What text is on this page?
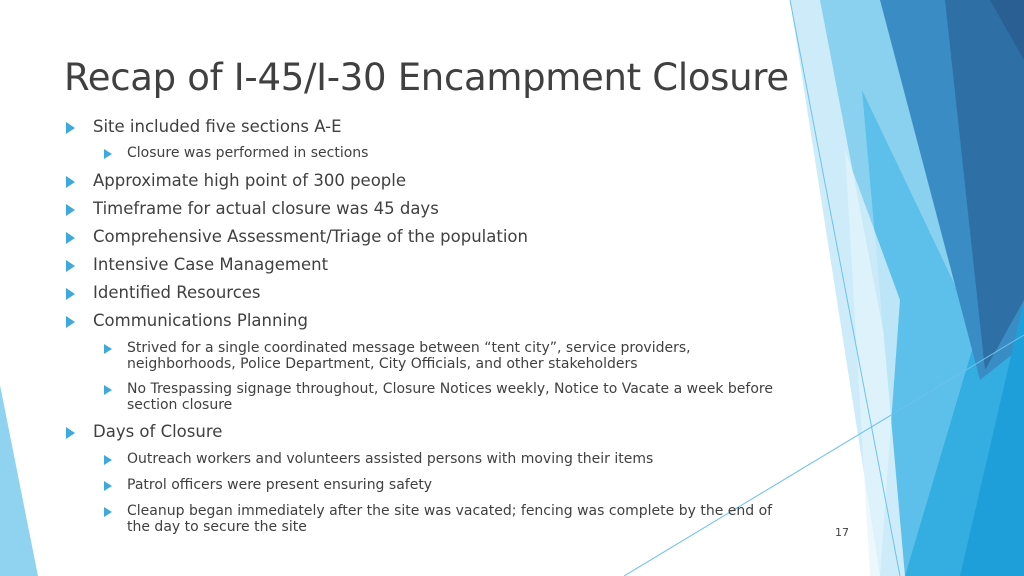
Recap of I-45/I-30 Encampment Closure
Site included five sections A-E
Closure was performed in sections
Approximate high point of 300 people
Timeframe for actual closure was 45 days
Comprehensive Assessment/Triage of the population
Intensive Case Management
Identified Resources
Communications Planning
Strived for a single coordinated message between “tent city”, service providers, neighborhoods, Police Department, City Officials, and other stakeholders
No Trespassing signage throughout, Closure Notices weekly, Notice to Vacate a week before section closure
Days of Closure
Outreach workers and volunteers assisted persons with moving their items
Patrol officers were present ensuring safety
Cleanup began immediately after the site was vacated; fencing was complete by the end of the day to secure the site	17
